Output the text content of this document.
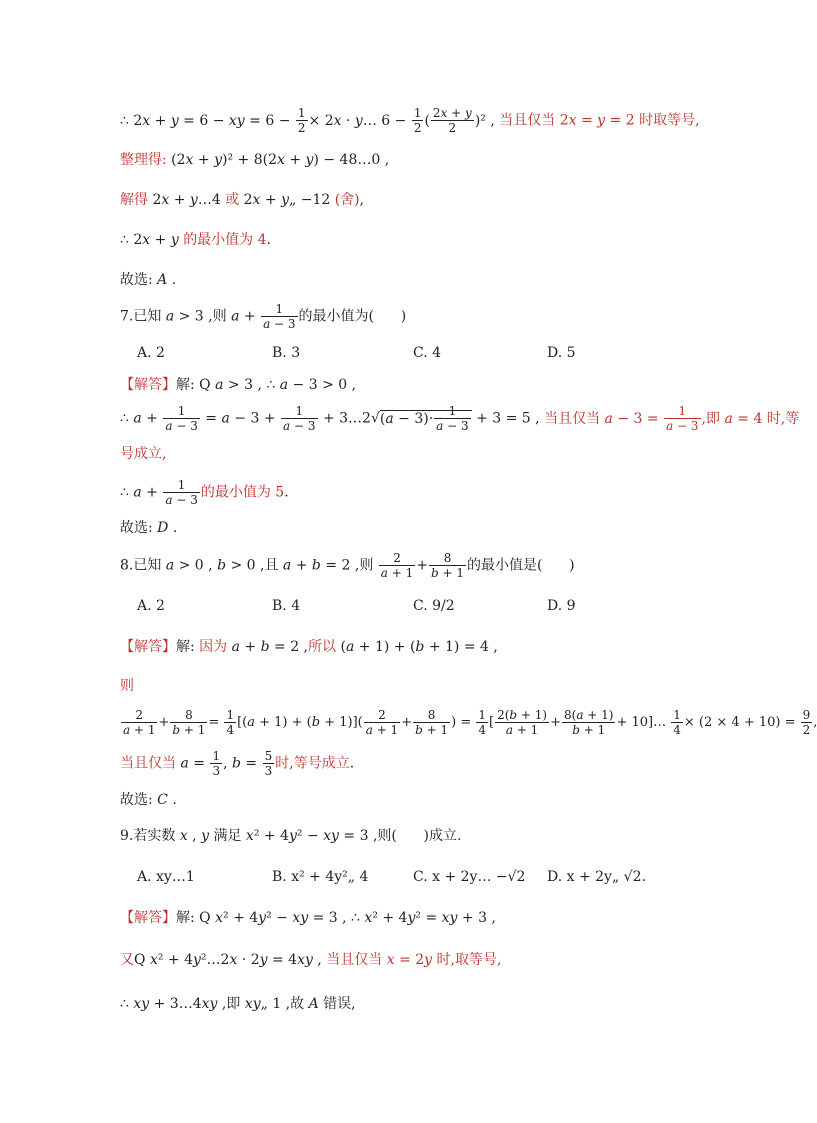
∴ 2x + y = 6 − xy = $6 - \frac{1}{2} \times 2x$ · y… $6 - \frac{1}{2}$ ( $\frac{2x + y}{2} )^2$ , 当且仅当 2x = y = 2 时取等号,
整理得: (2x + y)² + 8(2x + y) − 48…0 ,
解得 2x + y…4 或 2x + y„ −12 (舍),
∴ 2x + y 的最小值为 4.
故选: A .
7.已知 a > 3 ,则 $a + \frac{1}{a - 3}$ 的最小值为(      )
A. 2	B. 3	C. 4	D. 5
【解答】解: Q a > 3 , ∴ a − 3 > 0 ,
∴ $a + \frac{1}{a - 3} = a - 3 + \frac{1}{a - 3}$ + 3…2√(a − $3)\cdot \frac{1}{a - 3} + 3 = 5$ , 当且仅当 $a - 3 = \frac{1}{a - 3}$ ,即 a = 4 时,等
号成立,
∴ $a + \frac{1}{a - 3}$ 的最小值为 5.
故选: D .
8.已知 a > 0 , b > 0 ,且 a + b = 2 ,则 $\frac{2}{a + 1} + \frac{8}{b + 1}$ 的最小值是(      )
A. 2	B. 4	C. 9/2	D. 9
【解答】解: 因为 a + b = 2 ,所以 (a + 1) + (b + 1) = 4 ,
则
$\frac{2}{a + 1} + \frac{8}{b + 1} = \frac{1}{4} [(a + 1) + (b + 1)]( \frac{2}{a + 1} + \frac{8}{b + 1}$ ) = $\frac{1}{4}$ [ $\frac{2(b + 1)}{a + 1} + \frac{8(a + 1)}{b + 1}$ + 10]… $\frac{1}{4} \times (2 \times 4 + 10) = \frac{9}{2}$
当且仅当 $a = \frac{1}{3}$ , $b = \frac{5}{3}$ 时,等号成立.
故选: C .
9.若实数 x , y 满足 x² + 4y² − xy = 3 ,则(      )成立.
A. xy…1	B. x² + 4y²„ 4	C. x + 2y… −√2 D. x + 2y„ √2.
【解答】解: Q x² + 4y² − xy = 3 , ∴ x² + 4y² = xy + 3 ,
又Q x² + 4y²…2x · 2y = 4xy , 当且仅当 x = 2y 时,取等号,
∴ xy + 3…4xy ,即 xy„ 1 ,故 A 错误,
